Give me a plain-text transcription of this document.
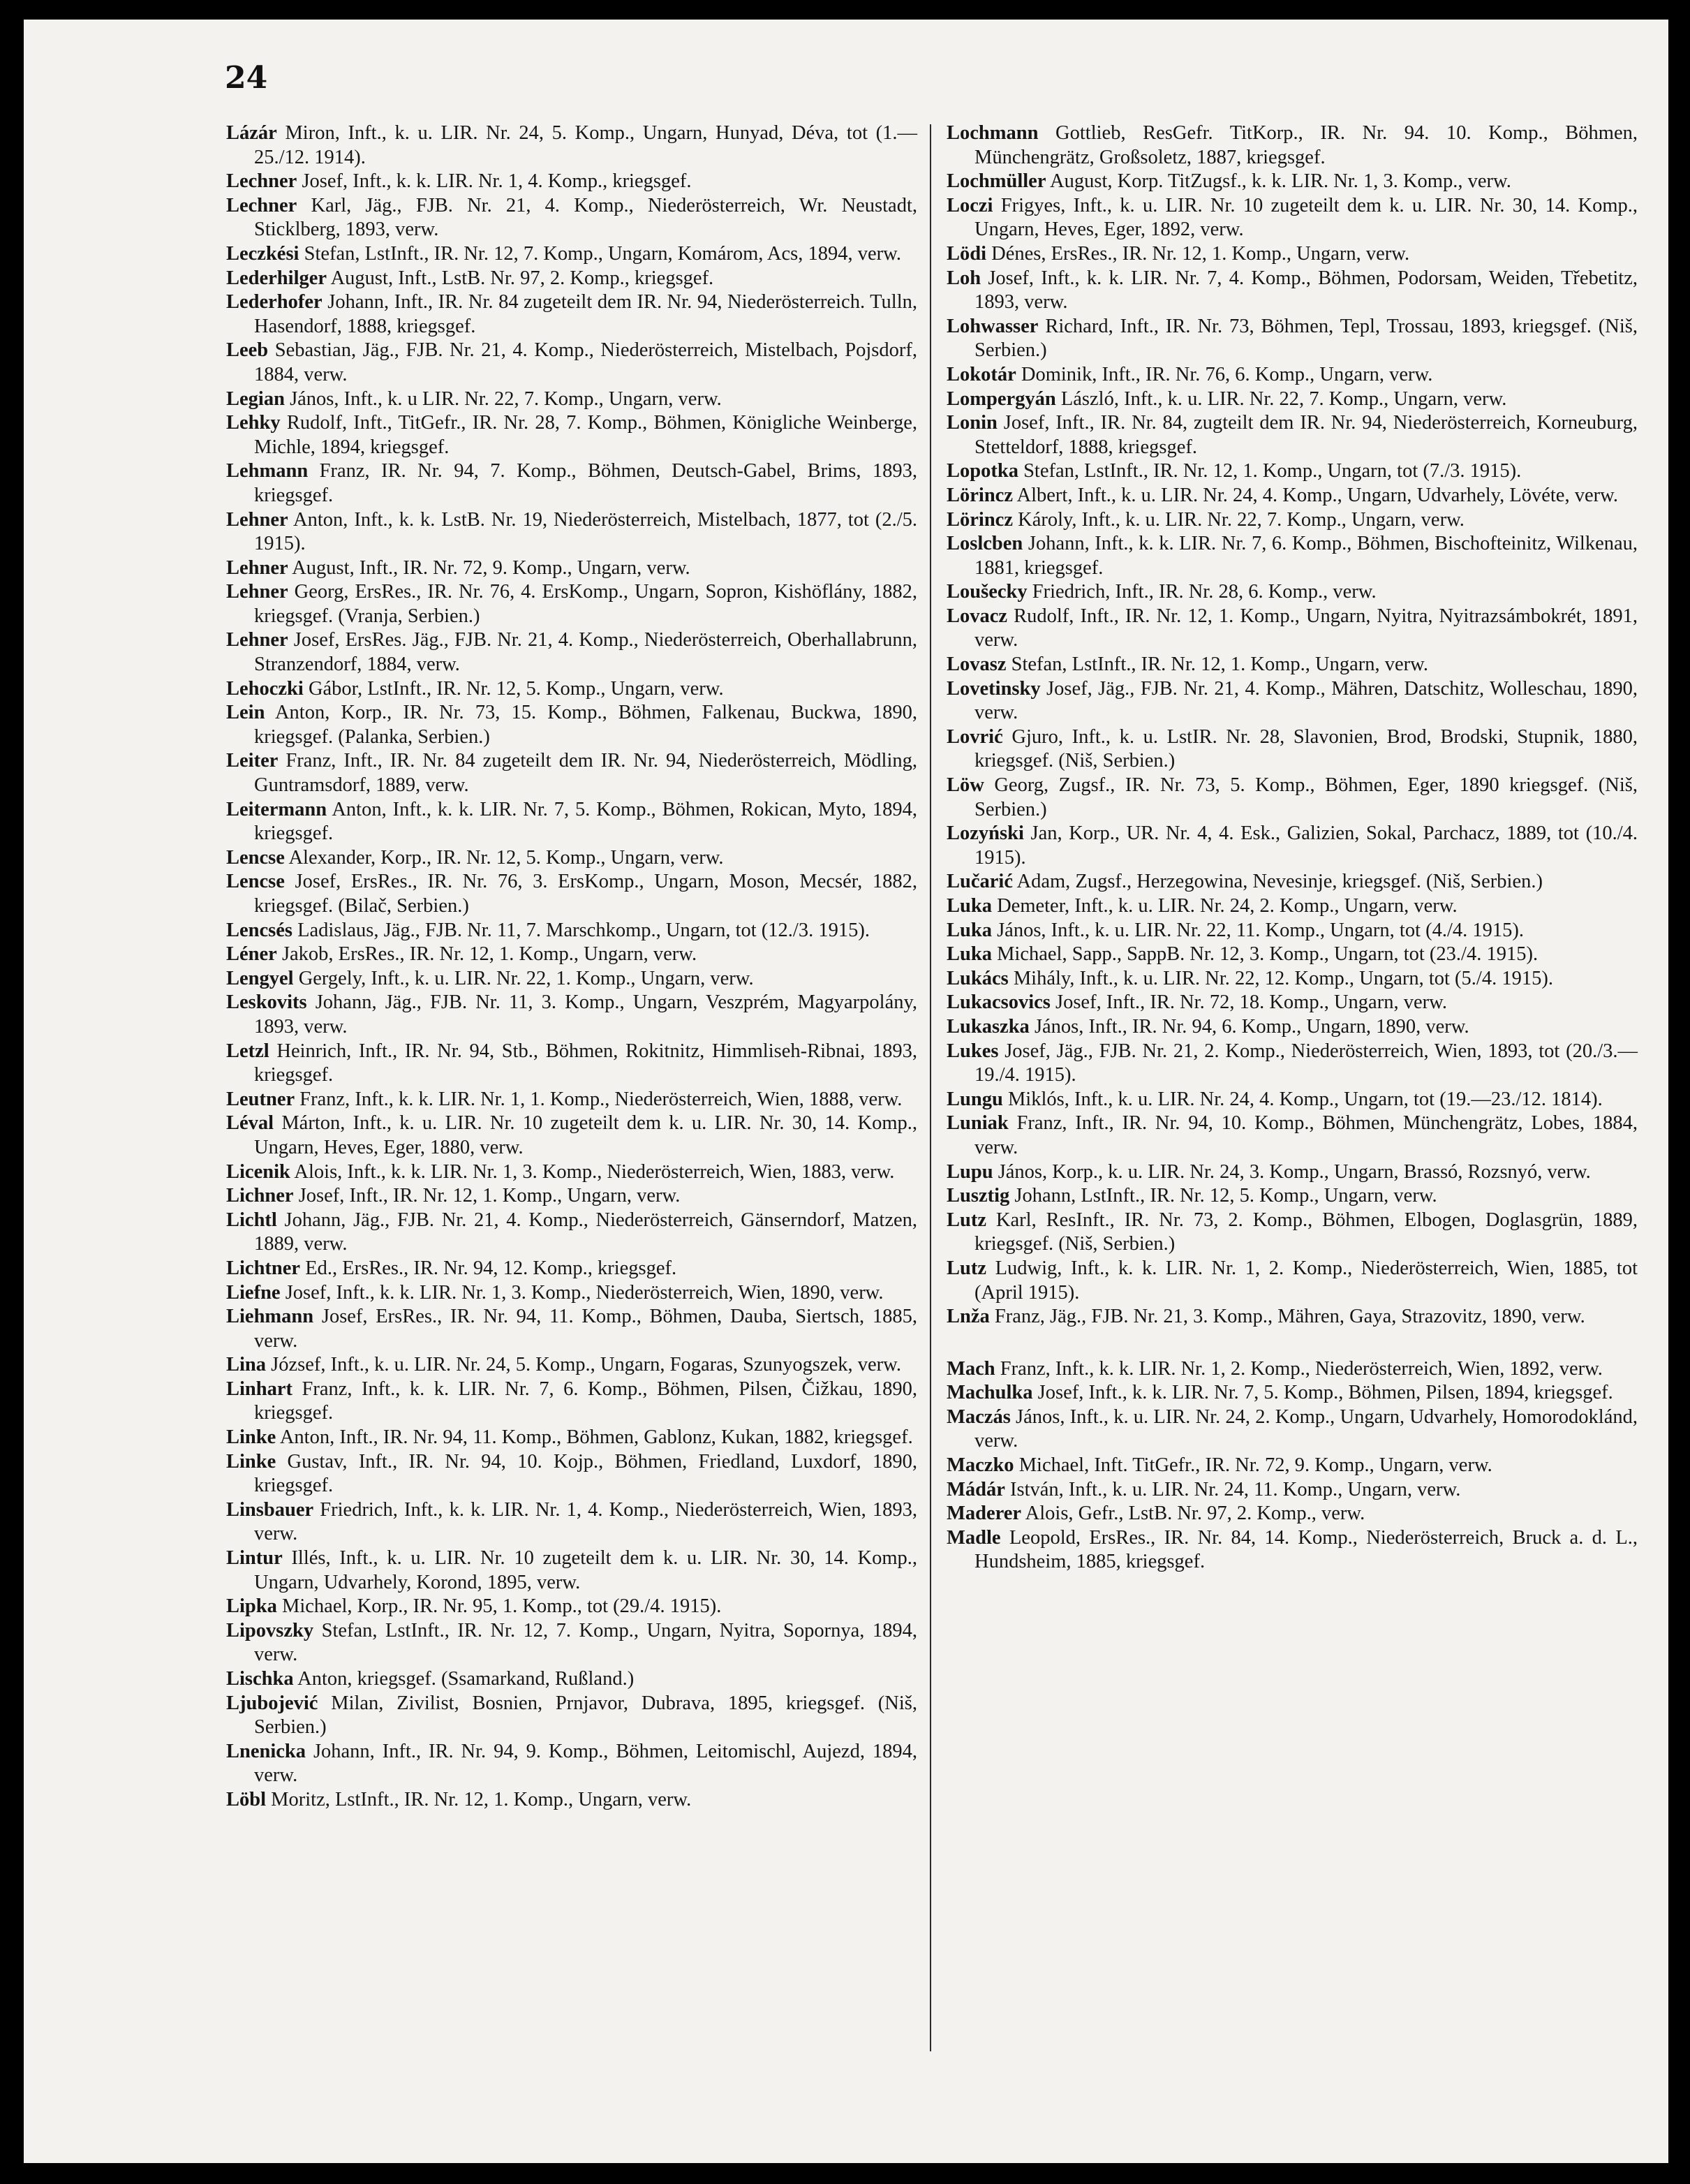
24

Lázár Miron, Inft., k. u. LIR. Nr. 24, 5. Komp., Ungarn, Hunyad, Déva, tot (1.—25./12. 1914).

Lechner Josef, Inft., k. k. LIR. Nr. 1, 4. Komp., kriegsgef.

Lechner Karl, Jäg., FJB. Nr. 21, 4. Komp., Niederösterreich, Wr. Neustadt, Sticklberg, 1893, verw.

Leczkési Stefan, LstInft., IR. Nr. 12, 7. Komp., Ungarn, Komárom, Acs, 1894, verw.

Lederhilger August, Inft., LstB. Nr. 97, 2. Komp., kriegsgef.

Lederhofer Johann, Inft., IR. Nr. 84 zugeteilt dem IR. Nr. 94, Niederösterreich. Tulln, Hasendorf, 1888, kriegsgef.

Leeb Sebastian, Jäg., FJB. Nr. 21, 4. Komp., Niederösterreich, Mistelbach, Pojsdorf, 1884, verw.

Legian János, Inft., k. u LIR. Nr. 22, 7. Komp., Ungarn, verw.

Lehky Rudolf, Inft., TitGefr., IR. Nr. 28, 7. Komp., Böhmen, Königliche Weinberge, Michle, 1894, kriegsgef.

Lehmann Franz, IR. Nr. 94, 7. Komp., Böhmen, Deutsch-Gabel, Brims, 1893, kriegsgef.

Lehner Anton, Inft., k. k. LstB. Nr. 19, Niederösterreich, Mistelbach, 1877, tot (2./5. 1915).

Lehner August, Inft., IR. Nr. 72, 9. Komp., Ungarn, verw.

Lehner Georg, ErsRes., IR. Nr. 76, 4. ErsKomp., Ungarn, Sopron, Kishöflány, 1882, kriegsgef. (Vranja, Serbien.)

Lehner Josef, ErsRes. Jäg., FJB. Nr. 21, 4. Komp., Niederösterreich, Oberhallabrunn, Stranzendorf, 1884, verw.

Lehoczki Gábor, LstInft., IR. Nr. 12, 5. Komp., Ungarn, verw.

Lein Anton, Korp., IR. Nr. 73, 15. Komp., Böhmen, Falkenau, Buckwa, 1890, kriegsgef. (Palanka, Serbien.)

Leiter Franz, Inft., IR. Nr. 84 zugeteilt dem IR. Nr. 94, Niederösterreich, Mödling, Guntramsdorf, 1889, verw.

Leitermann Anton, Inft., k. k. LIR. Nr. 7, 5. Komp., Böhmen, Rokican, Myto, 1894, kriegsgef.

Lencse Alexander, Korp., IR. Nr. 12, 5. Komp., Ungarn, verw.

Lencse Josef, ErsRes., IR. Nr. 76, 3. ErsKomp., Ungarn, Moson, Mecsér, 1882, kriegsgef. (Bilač, Serbien.)

Lencsés Ladislaus, Jäg., FJB. Nr. 11, 7. Marschkomp., Ungarn, tot (12./3. 1915).

Léner Jakob, ErsRes., IR. Nr. 12, 1. Komp., Ungarn, verw.

Lengyel Gergely, Inft., k. u. LIR. Nr. 22, 1. Komp., Ungarn, verw.

Leskovits Johann, Jäg., FJB. Nr. 11, 3. Komp., Ungarn, Veszprém, Magyarpolány, 1893, verw.

Letzl Heinrich, Inft., IR. Nr. 94, Stb., Böhmen, Rokitnitz, Himmliseh-Ribnai, 1893, kriegsgef.

Leutner Franz, Inft., k. k. LIR. Nr. 1, 1. Komp., Niederösterreich, Wien, 1888, verw.

Léval Márton, Inft., k. u. LIR. Nr. 10 zugeteilt dem k. u. LIR. Nr. 30, 14. Komp., Ungarn, Heves, Eger, 1880, verw.

Licenik Alois, Inft., k. k. LIR. Nr. 1, 3. Komp., Niederösterreich, Wien, 1883, verw.

Lichner Josef, Inft., IR. Nr. 12, 1. Komp., Ungarn, verw.

Lichtl Johann, Jäg., FJB. Nr. 21, 4. Komp., Niederösterreich, Gänserndorf, Matzen, 1889, verw.

Lichtner Ed., ErsRes., IR. Nr. 94, 12. Komp., kriegsgef.

Liefne Josef, Inft., k. k. LIR. Nr. 1, 3. Komp., Niederösterreich, Wien, 1890, verw.

Liehmann Josef, ErsRes., IR. Nr. 94, 11. Komp., Böhmen, Dauba, Siertsch, 1885, verw.

Lina József, Inft., k. u. LIR. Nr. 24, 5. Komp., Ungarn, Fogaras, Szunyogszek, verw.

Linhart Franz, Inft., k. k. LIR. Nr. 7, 6. Komp., Böhmen, Pilsen, Čižkau, 1890, kriegsgef.

Linke Anton, Inft., IR. Nr. 94, 11. Komp., Böhmen, Gablonz, Kukan, 1882, kriegsgef.

Linke Gustav, Inft., IR. Nr. 94, 10. Kojp., Böhmen, Friedland, Luxdorf, 1890, kriegsgef.

Linsbauer Friedrich, Inft., k. k. LIR. Nr. 1, 4. Komp., Niederösterreich, Wien, 1893, verw.

Lintur Illés, Inft., k. u. LIR. Nr. 10 zugeteilt dem k. u. LIR. Nr. 30, 14. Komp., Ungarn, Udvarhely, Korond, 1895, verw.

Lipka Michael, Korp., IR. Nr. 95, 1. Komp., tot (29./4. 1915).

Lipovszky Stefan, LstInft., IR. Nr. 12, 7. Komp., Ungarn, Nyitra, Sopornya, 1894, verw.

Lischka Anton, kriegsgef. (Ssamarkand, Rußland.)

Ljubojević Milan, Zivilist, Bosnien, Prnjavor, Dubrava, 1895, kriegsgef. (Niš, Serbien.)

Lnenicka Johann, Inft., IR. Nr. 94, 9. Komp., Böhmen, Leitomischl, Aujezd, 1894, verw.

Löbl Moritz, LstInft., IR. Nr. 12, 1. Komp., Ungarn, verw.

Lochmann Gottlieb, ResGefr. TitKorp., IR. Nr. 94. 10. Komp., Böhmen, Münchengrätz, Großsoletz, 1887, kriegsgef.

Lochmüller August, Korp. TitZugsf., k. k. LIR. Nr. 1, 3. Komp., verw.

Loczi Frigyes, Inft., k. u. LIR. Nr. 10 zugeteilt dem k. u. LIR. Nr. 30, 14. Komp., Ungarn, Heves, Eger, 1892, verw.

Lödi Dénes, ErsRes., IR. Nr. 12, 1. Komp., Ungarn, verw.

Loh Josef, Inft., k. k. LIR. Nr. 7, 4. Komp., Böhmen, Podorsam, Weiden, Třebetitz, 1893, verw.

Lohwasser Richard, Inft., IR. Nr. 73, Böhmen, Tepl, Trossau, 1893, kriegsgef. (Niš, Serbien.)

Lokotár Dominik, Inft., IR. Nr. 76, 6. Komp., Ungarn, verw.

Lompergyán László, Inft., k. u. LIR. Nr. 22, 7. Komp., Ungarn, verw.

Lonin Josef, Inft., IR. Nr. 84, zugteilt dem IR. Nr. 94, Niederösterreich, Korneuburg, Stetteldorf, 1888, kriegsgef.

Lopotka Stefan, LstInft., IR. Nr. 12, 1. Komp., Ungarn, tot (7./3. 1915).

Lörincz Albert, Inft., k. u. LIR. Nr. 24, 4. Komp., Ungarn, Udvarhely, Lövéte, verw.

Lörincz Károly, Inft., k. u. LIR. Nr. 22, 7. Komp., Ungarn, verw.

Loslcben Johann, Inft., k. k. LIR. Nr. 7, 6. Komp., Böhmen, Bischofteinitz, Wilkenau, 1881, kriegsgef.

Loušecky Friedrich, Inft., IR. Nr. 28, 6. Komp., verw.

Lovacz Rudolf, Inft., IR. Nr. 12, 1. Komp., Ungarn, Nyitra, Nyitrazsámbokrét, 1891, verw.

Lovasz Stefan, LstInft., IR. Nr. 12, 1. Komp., Ungarn, verw.

Lovetinsky Josef, Jäg., FJB. Nr. 21, 4. Komp., Mähren, Datschitz, Wolleschau, 1890, verw.

Lovrić Gjuro, Inft., k. u. LstIR. Nr. 28, Slavonien, Brod, Brodski, Stupnik, 1880, kriegsgef. (Niš, Serbien.)

Löw Georg, Zugsf., IR. Nr. 73, 5. Komp., Böhmen, Eger, 1890 kriegsgef. (Niš, Serbien.)

Lozyński Jan, Korp., UR. Nr. 4, 4. Esk., Galizien, Sokal, Parchacz, 1889, tot (10./4. 1915).

Lučarić Adam, Zugsf., Herzegowina, Nevesinje, kriegsgef. (Niš, Serbien.)

Luka Demeter, Inft., k. u. LIR. Nr. 24, 2. Komp., Ungarn, verw.

Luka János, Inft., k. u. LIR. Nr. 22, 11. Komp., Ungarn, tot (4./4. 1915).

Luka Michael, Sapp., SappB. Nr. 12, 3. Komp., Ungarn, tot (23./4. 1915).

Lukács Mihály, Inft., k. u. LIR. Nr. 22, 12. Komp., Ungarn, tot (5./4. 1915).

Lukacsovics Josef, Inft., IR. Nr. 72, 18. Komp., Ungarn, verw.

Lukaszka János, Inft., IR. Nr. 94, 6. Komp., Ungarn, 1890, verw.

Lukes Josef, Jäg., FJB. Nr. 21, 2. Komp., Niederösterreich, Wien, 1893, tot (20./3.—19./4. 1915).

Lungu Miklós, Inft., k. u. LIR. Nr. 24, 4. Komp., Ungarn, tot (19.—23./12. 1814).

Luniak Franz, Inft., IR. Nr. 94, 10. Komp., Böhmen, Münchengrätz, Lobes, 1884, verw.

Lupu János, Korp., k. u. LIR. Nr. 24, 3. Komp., Ungarn, Brassó, Rozsnyó, verw.

Lusztig Johann, LstInft., IR. Nr. 12, 5. Komp., Ungarn, verw.

Lutz Karl, ResInft., IR. Nr. 73, 2. Komp., Böhmen, Elbogen, Doglasgrün, 1889, kriegsgef. (Niš, Serbien.)

Lutz Ludwig, Inft., k. k. LIR. Nr. 1, 2. Komp., Niederösterreich, Wien, 1885, tot (April 1915).

Lnža Franz, Jäg., FJB. Nr. 21, 3. Komp., Mähren, Gaya, Strazovitz, 1890, verw.

Mach Franz, Inft., k. k. LIR. Nr. 1, 2. Komp., Niederösterreich, Wien, 1892, verw.

Machulka Josef, Inft., k. k. LIR. Nr. 7, 5. Komp., Böhmen, Pilsen, 1894, kriegsgef.

Maczás János, Inft., k. u. LIR. Nr. 24, 2. Komp., Ungarn, Udvarhely, Homorodoklánd, verw.

Maczko Michael, Inft. TitGefr., IR. Nr. 72, 9. Komp., Ungarn, verw.

Mádár István, Inft., k. u. LIR. Nr. 24, 11. Komp., Ungarn, verw.

Maderer Alois, Gefr., LstB. Nr. 97, 2. Komp., verw.

Madle Leopold, ErsRes., IR. Nr. 84, 14. Komp., Niederösterreich, Bruck a. d. L., Hundsheim, 1885, kriegsgef.
